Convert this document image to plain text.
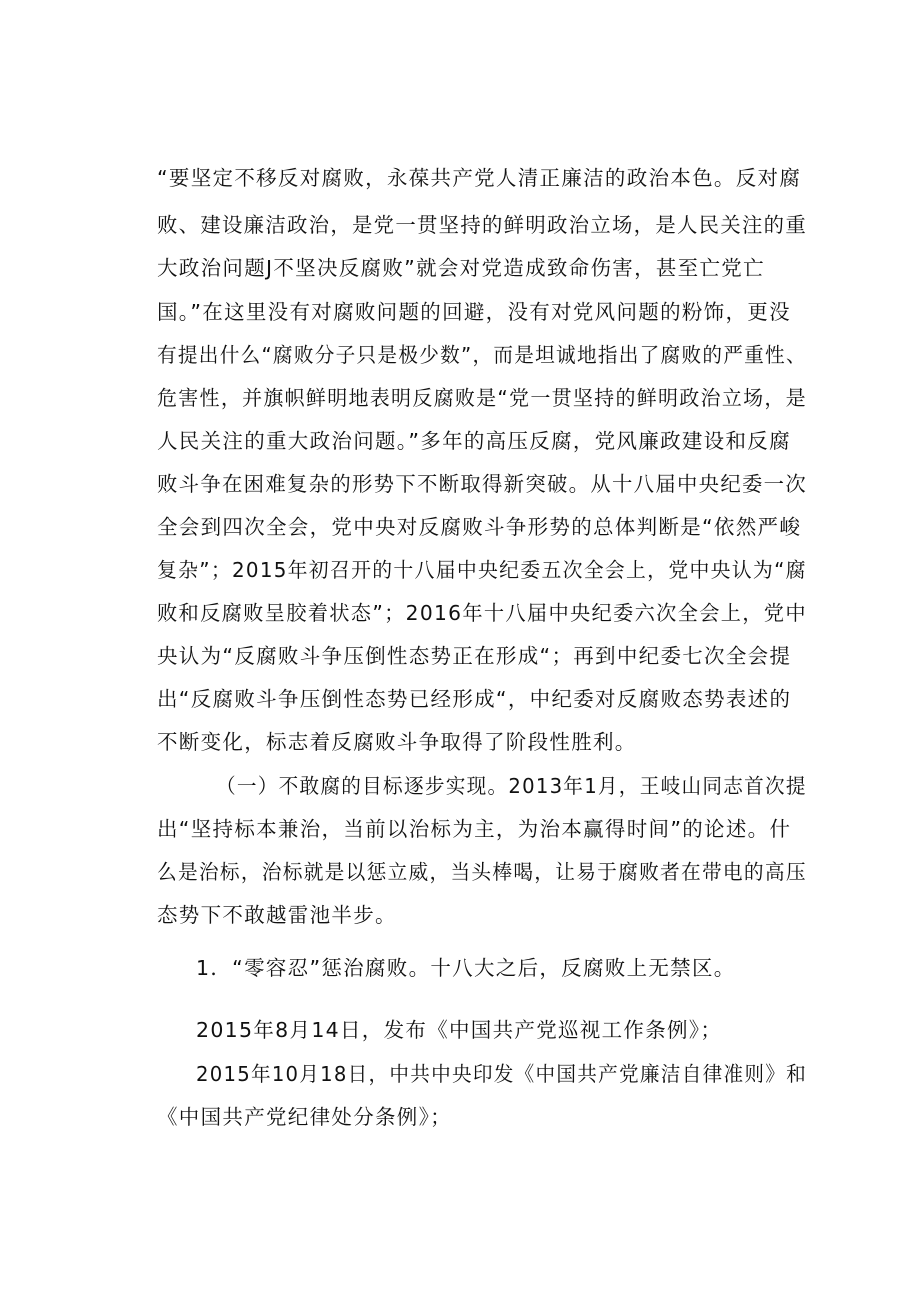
“要坚定不移反对腐败，永葆共产党人清正廉洁的政治本色。反对腐
败、建设廉洁政治，是党一贯坚持的鲜明政治立场，是人民关注的重
大政治问题J不坚决反腐败”就会对党造成致命伤害，甚至亡党亡
国。”在这里没有对腐败问题的回避，没有对党风问题的粉饰，更没
有提出什么“腐败分子只是极少数”，而是坦诚地指出了腐败的严重性、
危害性，并旗帜鲜明地表明反腐败是“党一贯坚持的鲜明政治立场，是
人民关注的重大政治问题。”多年的高压反腐，党风廉政建设和反腐
败斗争在困难复杂的形势下不断取得新突破。从十八届中央纪委一次
全会到四次全会，党中央对反腐败斗争形势的总体判断是“依然严峻
复杂”；2015年初召开的十八届中央纪委五次全会上，党中央认为“腐
败和反腐败呈胶着状态”；2016年十八届中央纪委六次全会上，党中
央认为“反腐败斗争压倒性态势正在形成“；再到中纪委七次全会提
出“反腐败斗争压倒性态势已经形成“，中纪委对反腐败态势表述的
不断变化，标志着反腐败斗争取得了阶段性胜利。
（一）不敢腐的目标逐步实现。2013年1月，王岐山同志首次提
出“坚持标本兼治，当前以治标为主，为治本赢得时间”的论述。什
么是治标，治标就是以惩立威，当头棒喝，让易于腐败者在带电的高压
态势下不敢越雷池半步。
1．“零容忍”惩治腐败。十八大之后，反腐败上无禁区。
2015年8月14日，发布《中国共产党巡视工作条例》；
2015年10月18日，中共中央印发《中国共产党廉洁自律准则》和
《中国共产党纪律处分条例》；
